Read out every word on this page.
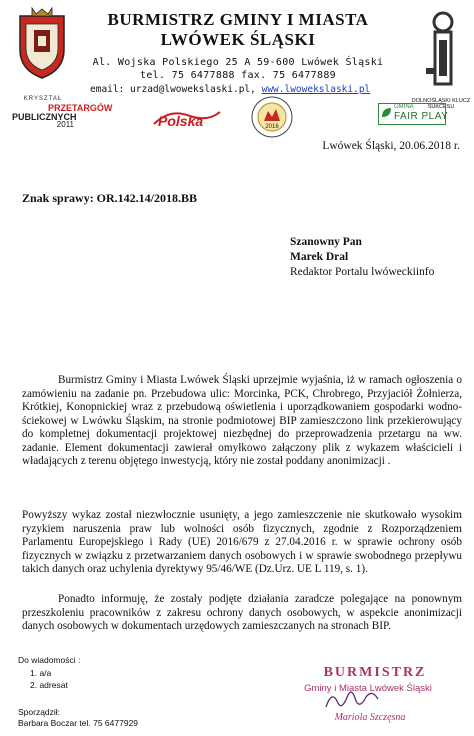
BURMISTRZ GMINY I MIASTA
LWÓWEK ŚLĄSKI
Al. Wojska Polskiego 25 A 59-600 Lwówek Śląski
tel. 75 6477888 fax. 75 6477889
email: urzad@lwowekslaski.pl, www.lwowekslaski.pl
DOLNOŚLĄSKI KLUCZ SUKCESU
KRYSZTAŁ
PRZETARGÓW
PUBLICZNYCH
2011	Polska	2016
GMINA
FAIR PLAY
Lwówek Śląski, 20.06.2018 r.
Znak sprawy: OR.142.14/2018.BB
Szanowny Pan
Marek Dral
Redaktor Portalu lwóweckiinfo
Burmistrz Gminy i Miasta Lwówek Śląski uprzejmie wyjaśnia, iż w ramach ogłoszenia o zamówieniu na zadanie pn. Przebudowa ulic: Morcinka, PCK, Chrobrego, Przyjaciół Żołnierza, Krótkiej, Konopnickiej wraz z przebudową oświetlenia i uporządkowaniem gospodarki wodno-ściekowej w Lwówku Śląskim, na stronie podmiotowej BIP zamieszczono link przekierowujący do kompletnej dokumentacji projektowej niezbędnej do przeprowadzenia przetargu na ww. zadanie. Element dokumentacji zawierał omyłkowo załączony plik z wykazem właścicieli i władających z terenu objętego inwestycją, który nie został poddany anonimizacji .
Powyższy wykaz został niezwłocznie usunięty, a jego zamieszczenie nie skutkowało wysokim ryzykiem naruszenia praw lub wolności osób fizycznych, zgodnie z Rozporządzeniem Parlamentu Europejskiego i Rady (UE) 2016/679 z 27.04.2016 r. w sprawie ochrony osób fizycznych w związku z przetwarzaniem danych osobowych i w sprawie swobodnego przepływu takich danych oraz uchylenia dyrektywy 95/46/WE (Dz.Urz. UE L 119, s. 1).
Ponadto informuję, że zostały podjęte działania zaradcze polegające na ponownym przeszkoleniu pracowników z zakresu ochrony danych osobowych, w aspekcie anonimizacji danych osobowych w dokumentach urzędowych zamieszczanych na stronach BIP.
Do wiadomości :
1. a/a
2. adresat
Sporządził:
Barbara Boczar tel. 75 6477929
BURMISTRZ
Gminy i Miasta Lwówek Śląski
Mariola Szczęsna
